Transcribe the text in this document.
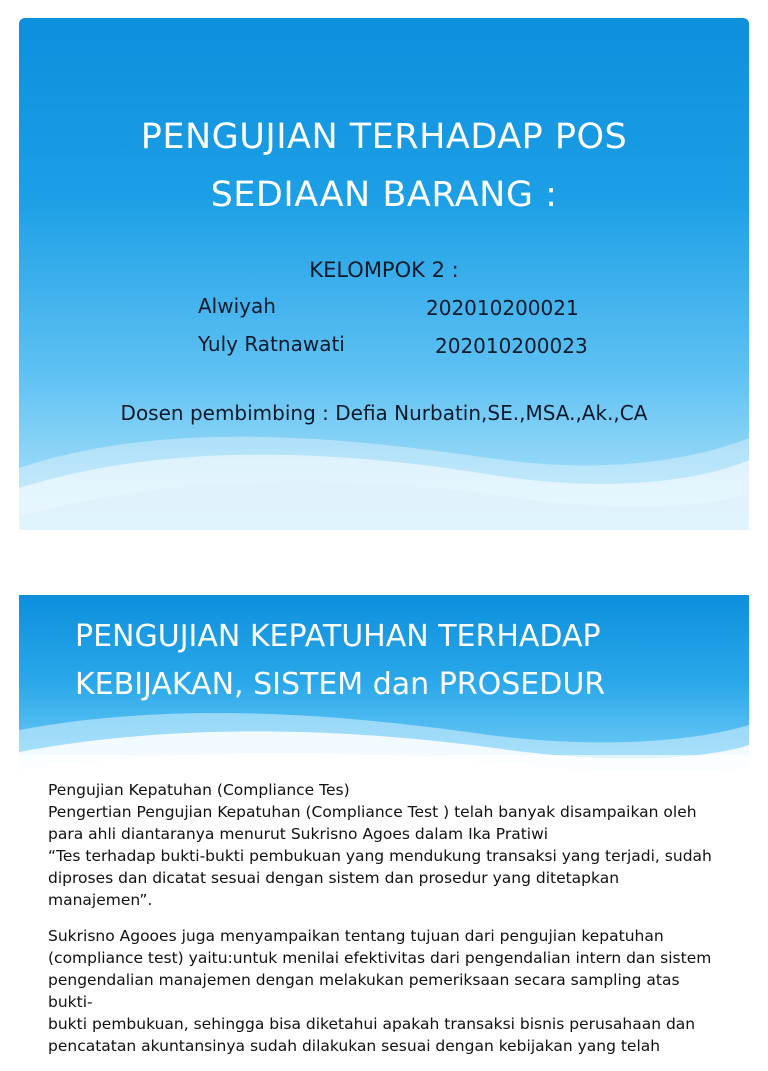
PENGUJIAN TERHADAP POS
SEDIAAN BARANG :
KELOMPOK 2 :
Alwiyah	202010200021
Yuly Ratnawati	202010200023
Dosen pembimbing : Defia Nurbatin,SE.,MSA.,Ak.,CA
PENGUJIAN KEPATUHAN TERHADAP
KEBIJAKAN, SISTEM dan PROSEDUR

Pengujian Kepatuhan (Compliance Tes)
Pengertian Pengujian Kepatuhan (Compliance Test ) telah banyak disampaikan oleh
para ahli diantaranya menurut Sukrisno Agoes dalam Ika Pratiwi
“Tes terhadap bukti-bukti pembukuan yang mendukung transaksi yang terjadi, sudah
diproses dan dicatat sesuai dengan sistem dan prosedur yang ditetapkan manajemen”.

Sukrisno Agooes juga menyampaikan tentang tujuan dari pengujian kepatuhan
(compliance test) yaitu:untuk menilai efektivitas dari pengendalian intern dan sistem
pengendalian manajemen dengan melakukan pemeriksaan secara sampling atas bukti-
bukti pembukuan, sehingga bisa diketahui apakah transaksi bisnis perusahaan dan
pencatatan akuntansinya sudah dilakukan sesuai dengan kebijakan yang telah
